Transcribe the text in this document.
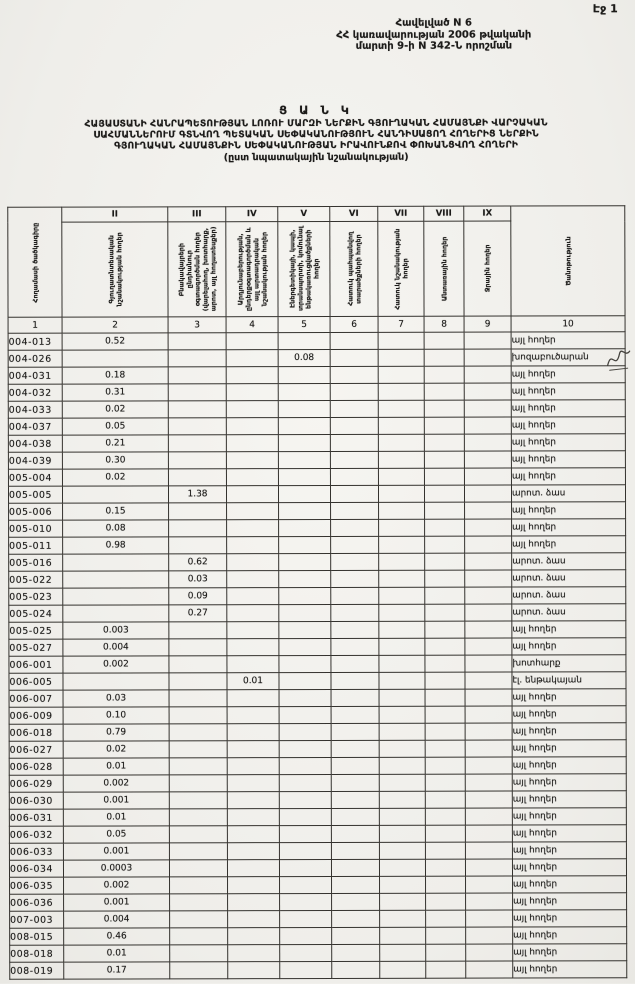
Էջ 1
Հավելված N 6
ՀՀ կառավարության 2006 թվականի
մարտի 9-ի N 342-Ն որոշման
Ց Ա Ն Կ
ՀԱՅԱՍՏԱՆԻ ՀԱՆՐԱՊԵՏՈՒԹՅԱՆ ԼՈՌՈՒ ՄԱՐԶԻ ՆԵՐՔԻՆ ԳՅՈՒՂԱԿԱՆ ՀԱՄԱՅՆՔԻ ՎԱՐՉԱԿԱՆ
ՍԱՀՄԱՆՆԵՐՈՒՄ ԳՏՆՎՈՂ ՊԵՏԱԿԱՆ ՍԵՓԱԿԱՆՈՒԹՅՈՒՆ ՀԱՆԴԻՍԱՑՈՂ ՀՈՂԵՐԻՑ ՆԵՐՔԻՆ
ԳՅՈՒՂԱԿԱՆ ՀԱՄԱՅՆՔԻՆ ՍԵՓԱԿԱՆՈՒԹՅԱՆ ԻՐԱՎՈՒՆՔՈՎ ՓՈԽԱՆՑՎՈՂ ՀՈՂԵՐԻ
(ըստ նպատակային նշանակության)
Հողամասի ծածկագիրը	II	III	IV	V	VI	VII	VIII	IX	Ծանոթություն

	Գյուղատնտեսական նշանակության հողեր	Բնակավայրերի ընդհանուր օգտագործման հողեր (վարելահող, խոտհարք, արոտ, այլ հողատեսքեր)	Արդյունաբերության, ընդերքօգտագործման և այլ արտադրական նշանակության հողեր	Էներգետիկայի, կապի, տրանսպորտի, կոմունալ ենթակառուցվածքների հողեր	Հատուկ պահպանվող տարածքների հողեր	Հատուկ նշանակության հողեր	Անտառային հողեր	Ջրային հողեր	

1	2	3	4	5	6	7	8	9	10
004-013	0.52								այլ հողեր
004-026				0.08					խոզաբուծարան
004-031	0.18								այլ հողեր
004-032	0.31								այլ հողեր
004-033	0.02								այլ հողեր
004-037	0.05								այլ հողեր
004-038	0.21								այլ հողեր
004-039	0.30								այլ հողեր
005-004	0.02								այլ հողեր
005-005		1.38							արոտ. ձաս
005-006	0.15								այլ հողեր
005-010	0.08								այլ հողեր
005-011	0.98								այլ հողեր
005-016		0.62							արոտ. ձաս
005-022		0.03							արոտ. ձաս
005-023		0.09							արոտ. ձաս
005-024		0.27							արոտ. ձաս
005-025	0.003								այլ հողեր
005-027	0.004								այլ հողեր
006-001	0.002								խոտհարք
006-005			0.01						էլ. ենթակայան
006-007	0.03								այլ հողեր
006-009	0.10								այլ հողեր
006-018	0.79								այլ հողեր
006-027	0.02								այլ հողեր
006-028	0.01								այլ հողեր
006-029	0.002								այլ հողեր
006-030	0.001								այլ հողեր
006-031	0.01								այլ հողեր
006-032	0.05								այլ հողեր
006-033	0.001								այլ հողեր
006-034	0.0003								այլ հողեր
006-035	0.002								այլ հողեր
006-036	0.001								այլ հողեր
007-003	0.004								այլ հողեր
008-015	0.46								այլ հողեր
008-018	0.01								այլ հողեր
008-019	0.17								այլ հողեր
